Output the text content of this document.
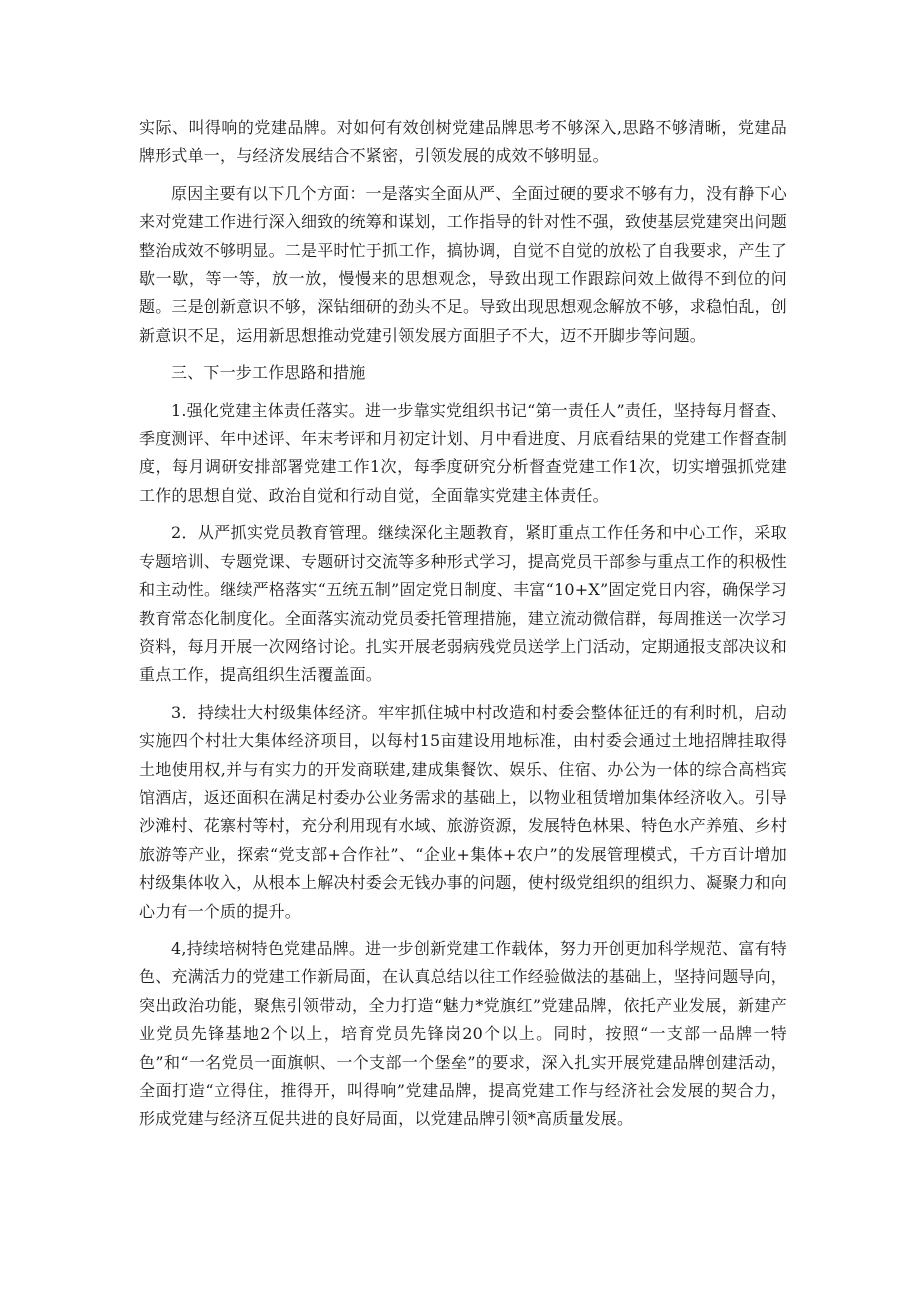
实际、叫得响的党建品牌。对如何有效创树党建品牌思考不够深入,思路不够清晰，党建品牌形式单一，与经济发展结合不紧密，引领发展的成效不够明显。

原因主要有以下几个方面：一是落实全面从严、全面过硬的要求不够有力，没有静下心来对党建工作进行深入细致的统筹和谋划，工作指导的针对性不强，致使基层党建突出问题整治成效不够明显。二是平时忙于抓工作，搞协调，自觉不自觉的放松了自我要求，产生了歇一歇，等一等，放一放，慢慢来的思想观念，导致出现工作跟踪问效上做得不到位的问题。三是创新意识不够，深钻细研的劲头不足。导致出现思想观念解放不够，求稳怕乱，创新意识不足，运用新思想推动党建引领发展方面胆子不大，迈不开脚步等问题。

三、下一步工作思路和措施

1.强化党建主体责任落实。进一步靠实党组织书记“第一责任人”责任，坚持每月督查、季度测评、年中述评、年末考评和月初定计划、月中看进度、月底看结果的党建工作督查制度，每月调研安排部署党建工作1次，每季度研究分析督查党建工作1次，切实增强抓党建工作的思想自觉、政治自觉和行动自觉，全面靠实党建主体责任。

2．从严抓实党员教育管理。继续深化主题教育，紧盯重点工作任务和中心工作，采取专题培训、专题党课、专题研讨交流等多种形式学习，提高党员干部参与重点工作的积极性和主动性。继续严格落实“五统五制”固定党日制度、丰富“10+X”固定党日内容，确保学习教育常态化制度化。全面落实流动党员委托管理措施，建立流动微信群，每周推送一次学习资料，每月开展一次网络讨论。扎实开展老弱病残党员送学上门活动，定期通报支部决议和重点工作，提高组织生活覆盖面。

3．持续壮大村级集体经济。牢牢抓住城中村改造和村委会整体征迁的有利时机，启动实施四个村壮大集体经济项目，以每村15亩建设用地标准，由村委会通过土地招牌挂取得土地使用权,并与有实力的开发商联建,建成集餐饮、娱乐、住宿、办公为一体的综合高档宾馆酒店，返还面积在满足村委办公业务需求的基础上，以物业租赁增加集体经济收入。引导沙滩村、花寨村等村，充分利用现有水域、旅游资源，发展特色林果、特色水产养殖、乡村旅游等产业，探索“党支部+合作社”、“企业+集体+农户”的发展管理模式，千方百计增加村级集体收入，从根本上解决村委会无钱办事的问题，使村级党组织的组织力、凝聚力和向心力有一个质的提升。

4,持续培树特色党建品牌。进一步创新党建工作载体，努力开创更加科学规范、富有特色、充满活力的党建工作新局面，在认真总结以往工作经验做法的基础上，坚持问题导向，突出政治功能，聚焦引领带动，全力打造“魅力*党旗红”党建品牌，依托产业发展，新建产业党员先锋基地2个以上，培育党员先锋岗20个以上。同时，按照“一支部一品牌一特色”和“一名党员一面旗帜、一个支部一个堡垒”的要求，深入扎实开展党建品牌创建活动，全面打造“立得住，推得开，叫得响”党建品牌，提高党建工作与经济社会发展的契合力，形成党建与经济互促共进的良好局面，以党建品牌引领*高质量发展。
